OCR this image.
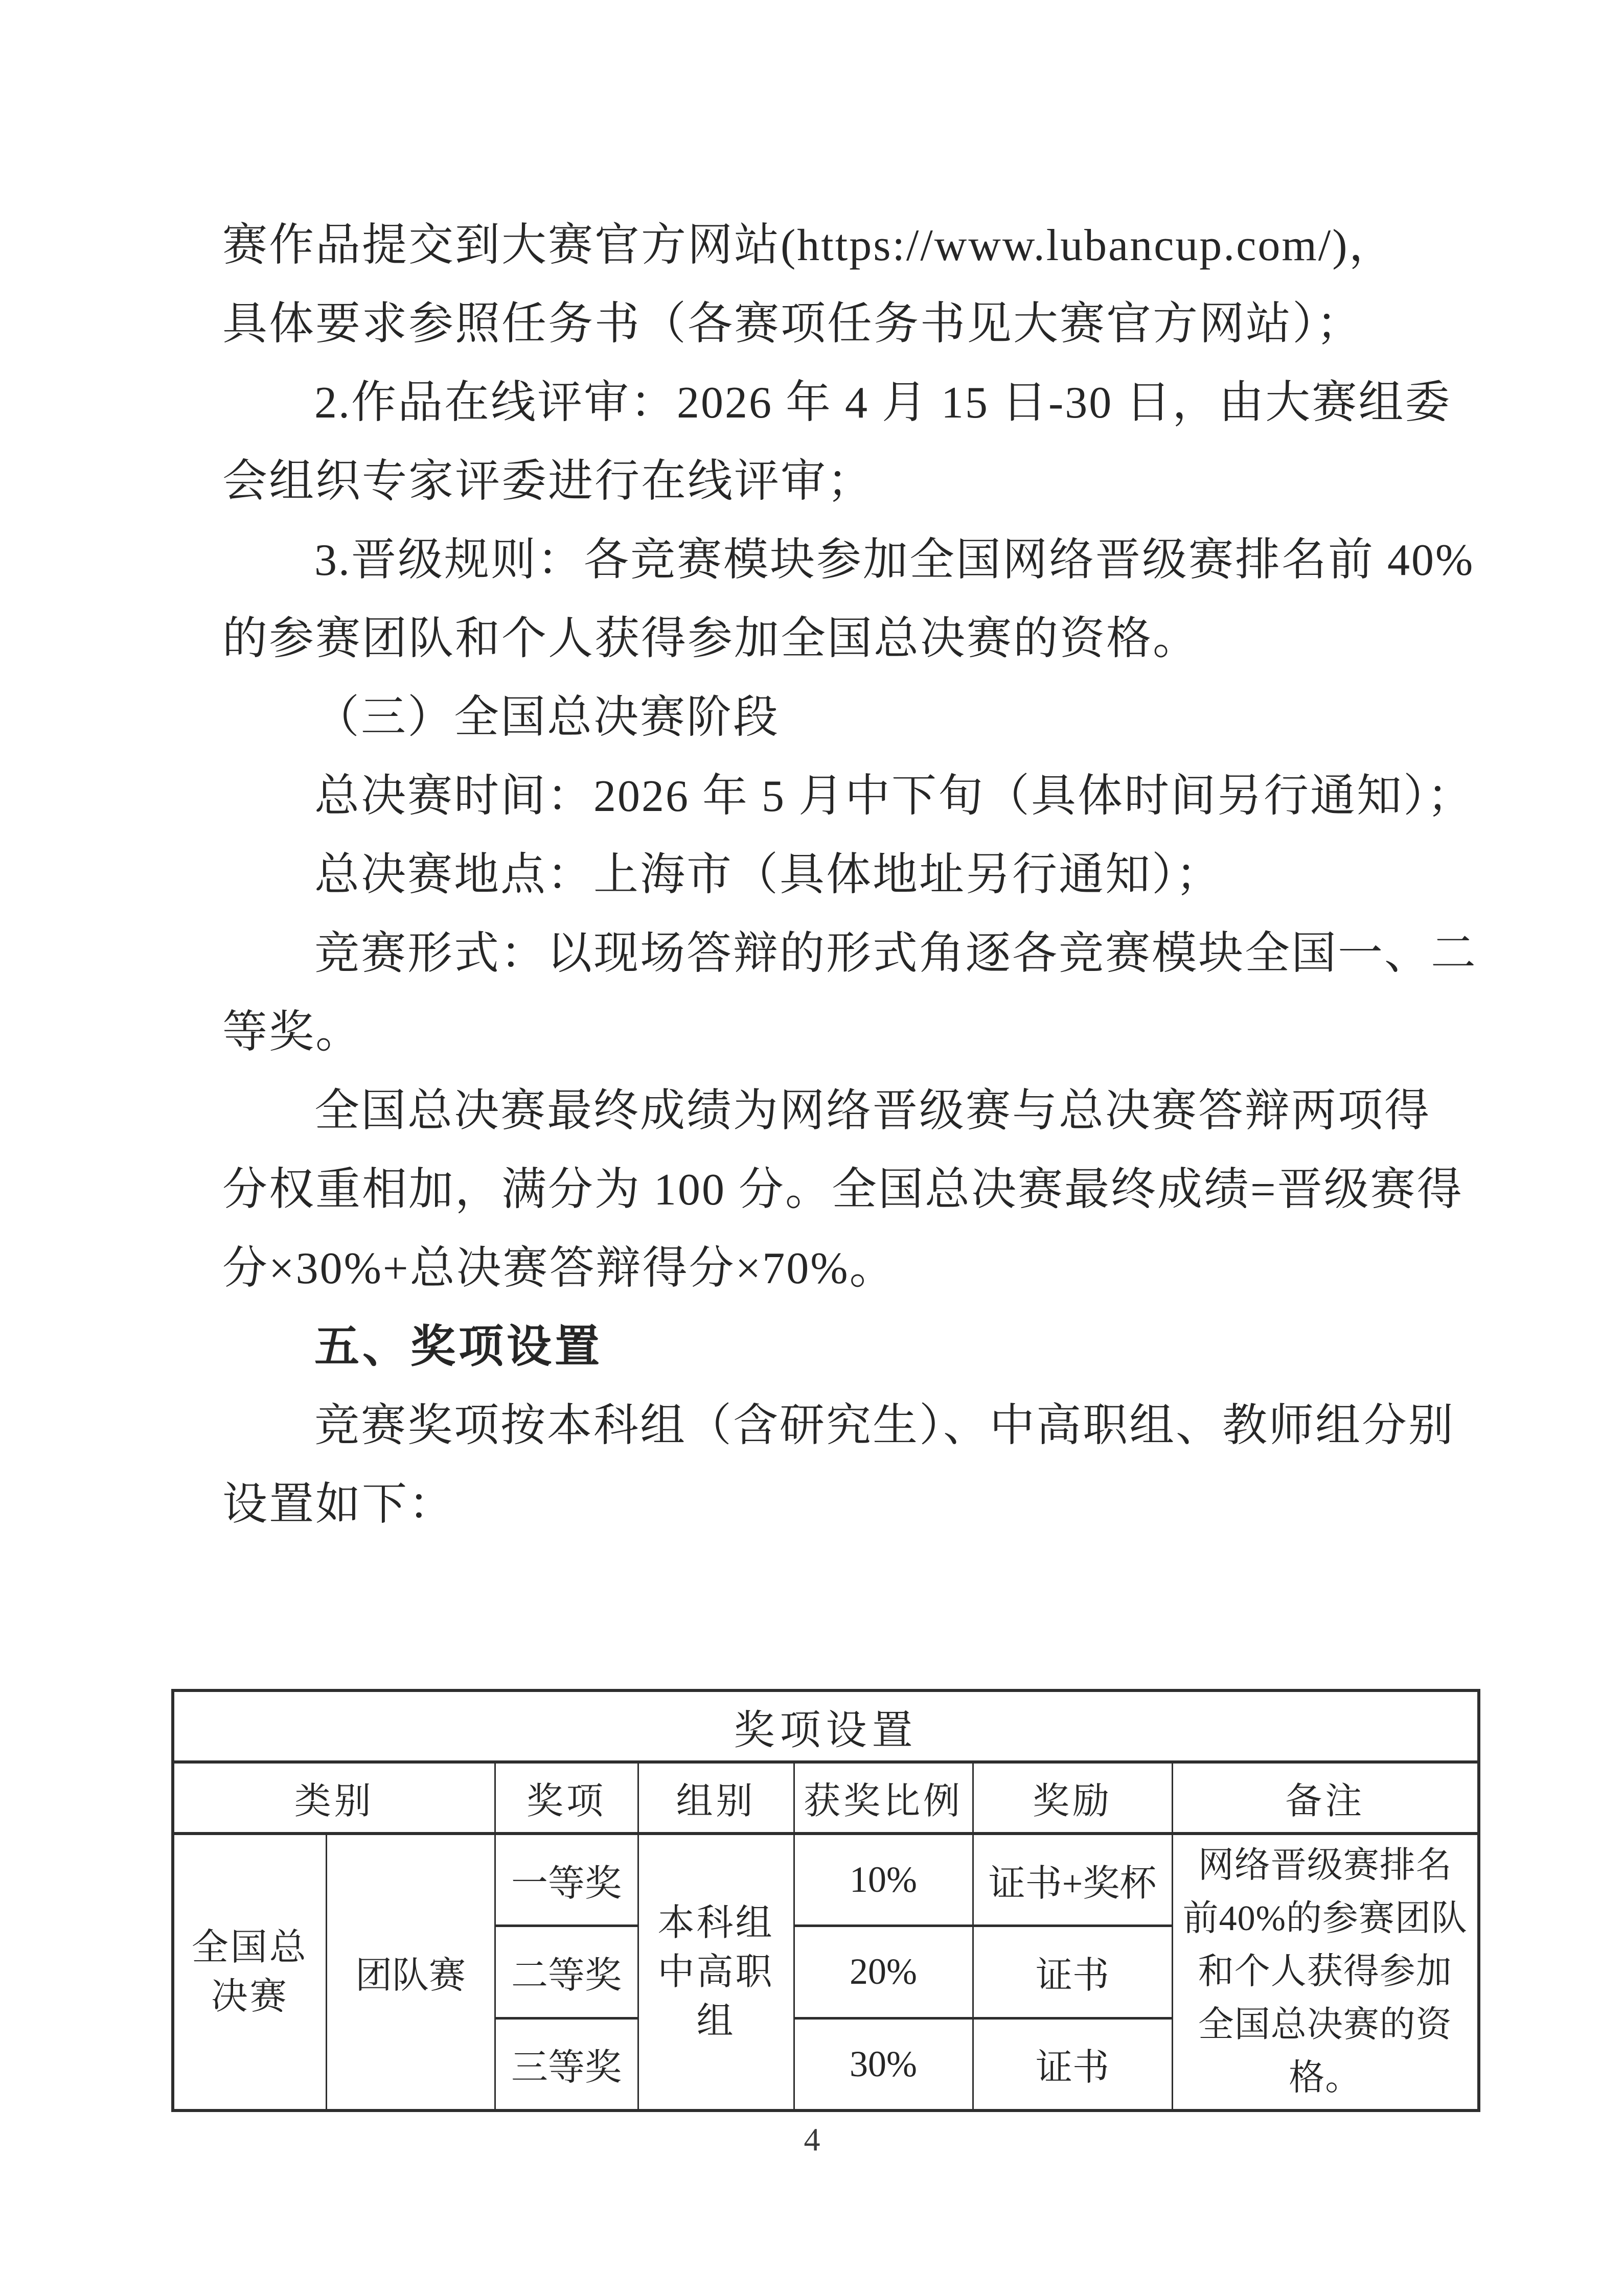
赛作品提交到大赛官方网站(https://www.lubancup.com/)，
具体要求参照任务书（各赛项任务书见大赛官方网站）；
2.作品在线评审：2026 年 4 月 15 日-30 日，由大赛组委
会组织专家评委进行在线评审；
3.晋级规则：各竞赛模块参加全国网络晋级赛排名前 40%
的参赛团队和个人获得参加全国总决赛的资格。
（三）全国总决赛阶段
总决赛时间：2026 年 5 月中下旬（具体时间另行通知）；
总决赛地点：上海市（具体地址另行通知）；
竞赛形式：以现场答辩的形式角逐各竞赛模块全国一、二
等奖。
全国总决赛最终成绩为网络晋级赛与总决赛答辩两项得
分权重相加，满分为 100 分。全国总决赛最终成绩=晋级赛得
分×30%+总决赛答辩得分×70%。
五、奖项设置
竞赛奖项按本科组（含研究生）、中高职组、教师组分别
设置如下：
奖项设置						
类别		奖项	组别	获奖比例	奖励	备注

全国总决赛	团队赛	一等奖	本科组中高职组	10%	证书+奖杯	网络晋级赛排名前40%的参赛团队和个人获得参加全国总决赛的资格。

		二等奖		20%	证书	
		三等奖		30%	证书	
4
